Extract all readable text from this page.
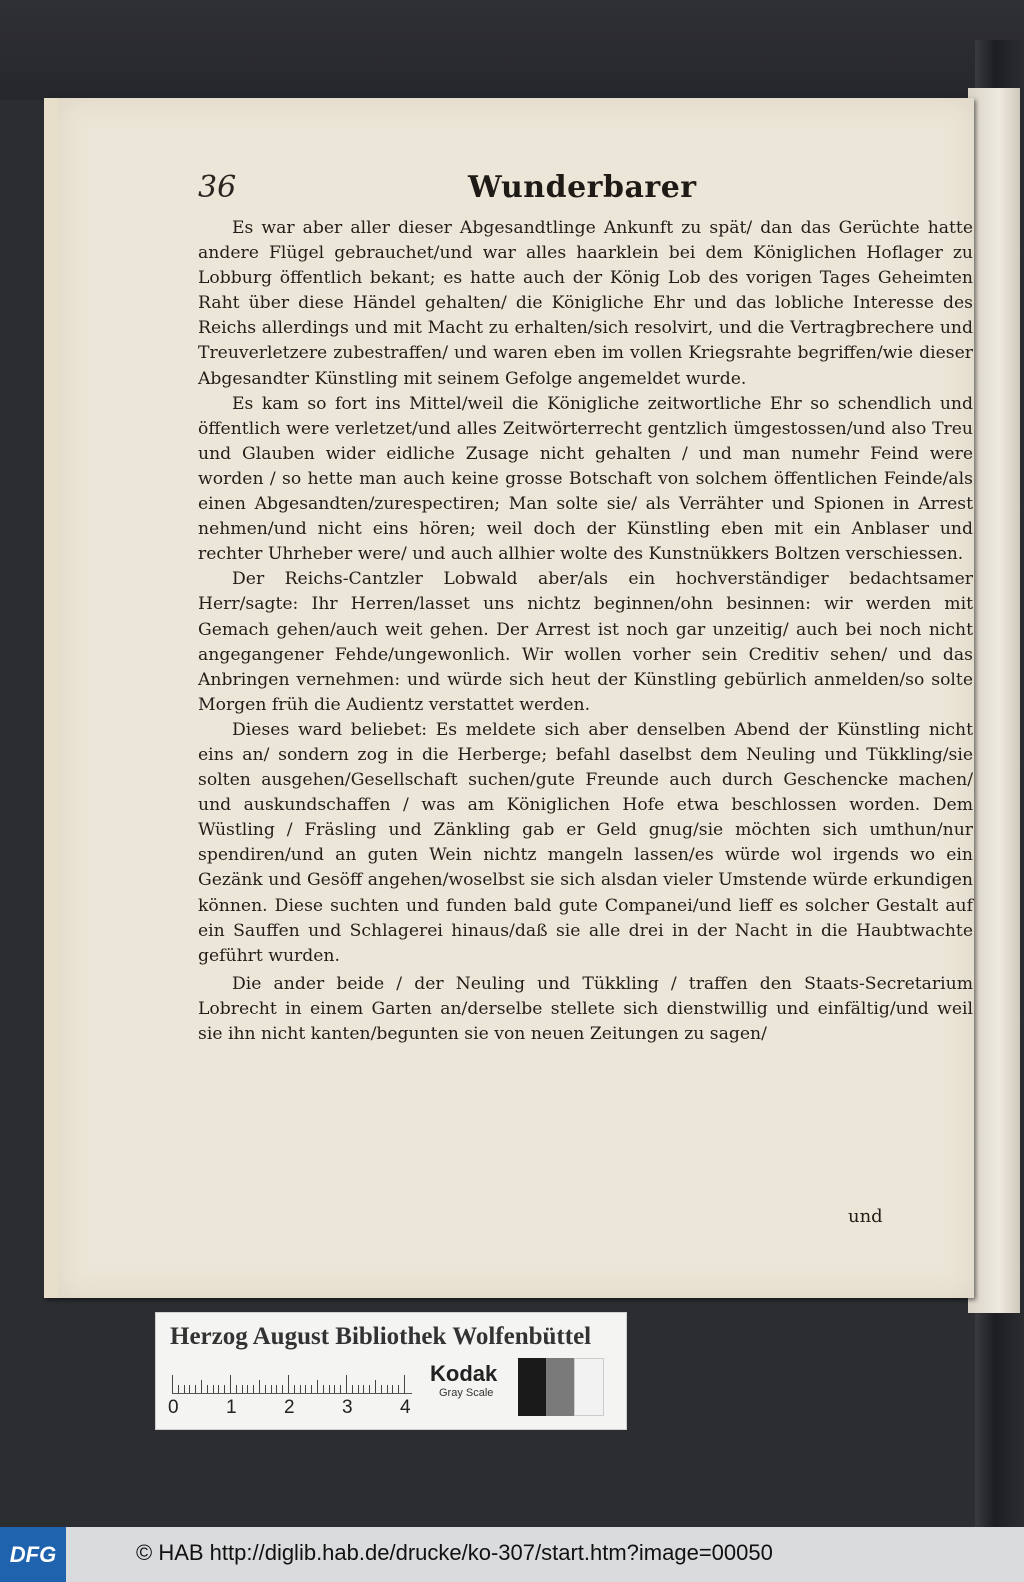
36	Wunderbarer

Es war aber aller dieser Abgesandtlinge Ankunft zu spät/ dan das Gerüchte hatte andere Flügel gebrauchet/und war alles haarklein bei dem Königlichen Hoflager zu Lobburg öffentlich bekant; es hatte auch der König Lob des vorigen Tages Geheimten Raht über diese Händel gehalten/ die Königliche Ehr und das lobliche Interesse des Reichs allerdings und mit Macht zu erhalten/sich resolvirt, und die Vertragbrechere und Treuverletzere zubestraffen/ und waren eben im vollen Kriegsrahte begriffen/wie dieser Abgesandter Künstling mit seinem Gefolge angemeldet wurde.

Es kam so fort ins Mittel/weil die Königliche zeitwortliche Ehr so schendlich und öffentlich were verletzet/und alles Zeitwörterrecht gentzlich ümgestossen/und also Treu und Glauben wider eidliche Zusage nicht gehalten / und man numehr Feind were worden / so hette man auch keine grosse Botschaft von solchem öffentlichen Feinde/als einen Abgesandten/zurespectiren; Man solte sie/ als Verrähter und Spionen in Arrest nehmen/und nicht eins hören; weil doch der Künstling eben mit ein Anblaser und rechter Uhrheber were/ und auch allhier wolte des Kunstnükkers Boltzen verschiessen.

Der Reichs-Cantzler Lobwald aber/als ein hochverständiger bedachtsamer Herr/sagte: Ihr Herren/lasset uns nichtz beginnen/ohn besinnen: wir werden mit Gemach gehen/auch weit gehen. Der Arrest ist noch gar unzeitig/ auch bei noch nicht angegangener Fehde/ungewonlich. Wir wollen vorher sein Creditiv sehen/ und das Anbringen vernehmen: und würde sich heut der Künstling gebürlich anmelden/so solte Morgen früh die Audientz verstattet werden.

Dieses ward beliebet: Es meldete sich aber denselben Abend der Künstling nicht eins an/ sondern zog in die Herberge; befahl daselbst dem Neuling und Tükkling/sie solten ausgehen/Gesellschaft suchen/gute Freunde auch durch Geschencke machen/ und auskundschaffen / was am Königlichen Hofe etwa beschlossen worden. Dem Wüstling / Fräsling und Zänkling gab er Geld gnug/sie möchten sich umthun/nur spendiren/und an guten Wein nichtz mangeln lassen/es würde wol irgends wo ein Gezänk und Gesöff angehen/woselbst sie sich alsdan vieler Umstende würde erkundigen können. Diese suchten und funden bald gute Companei/und lieff es solcher Gestalt auf ein Sauffen und Schlagerei hinaus/daß sie alle drei in der Nacht in die Haubtwachte geführt wurden.

Die ander beide / der Neuling und Tükkling / traffen den Staats-Secretarium Lobrecht in einem Garten an/derselbe stellete sich dienstwillig und einfältig/und weil sie ihn nicht kanten/begunten sie von neuen Zeitungen zu sagen/

und
Herzog August Bibliothek Wolfenbüttel
0 1 2 3 4
Kodak
Gray Scale
DFG	© HAB http://diglib.hab.de/drucke/ko-307/start.htm?image=00050
